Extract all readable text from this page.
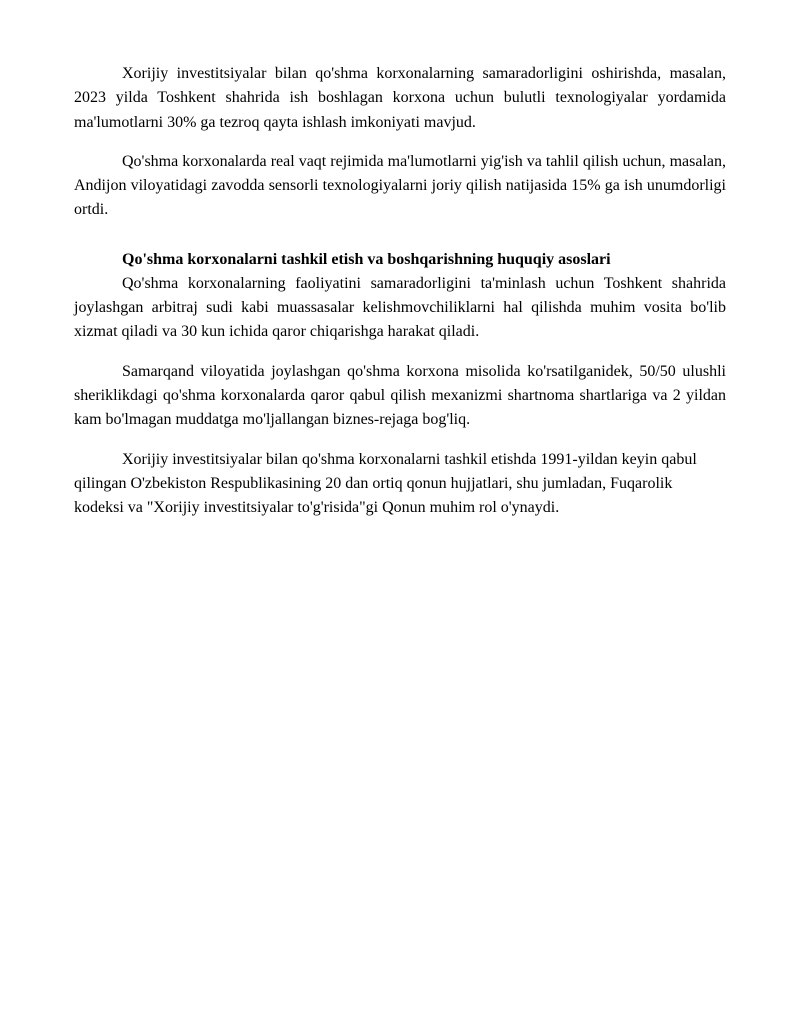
Xorijiy investitsiyalar bilan qo'shma korxonalarning samaradorligini oshirishda, masalan, 2023 yilda Toshkent shahrida ish boshlagan korxona uchun bulutli texnologiyalar yordamida ma'lumotlarni 30% ga tezroq qayta ishlash imkoniyati mavjud.

Qo'shma korxonalarda real vaqt rejimida ma'lumotlarni yig'ish va tahlil qilish uchun, masalan, Andijon viloyatidagi zavodda sensorli texnologiyalarni joriy qilish natijasida 15% ga ish unumdorligi ortdi.

Qo'shma korxonalarni tashkil etish va boshqarishning huquqiy asoslari

Qo'shma korxonalarning faoliyatini samaradorligini ta'minlash uchun Toshkent shahrida joylashgan arbitraj sudi kabi muassasalar kelishmovchiliklarni hal qilishda muhim vosita bo'lib xizmat qiladi va 30 kun ichida qaror chiqarishga harakat qiladi.

Samarqand viloyatida joylashgan qo'shma korxona misolida ko'rsatilganidek, 50/50 ulushli sheriklikdagi qo'shma korxonalarda qaror qabul qilish mexanizmi shartnoma shartlariga va 2 yildan kam bo'lmagan muddatga mo'ljallangan biznes-rejaga bog'liq.

Xorijiy investitsiyalar bilan qo'shma korxonalarni tashkil etishda 1991-yildan keyin qabul qilingan O'zbekiston Respublikasining 20 dan ortiq qonun hujjatlari, shu jumladan, Fuqarolik kodeksi va "Xorijiy investitsiyalar to'g'risida"gi Qonun muhim rol o'ynaydi.
